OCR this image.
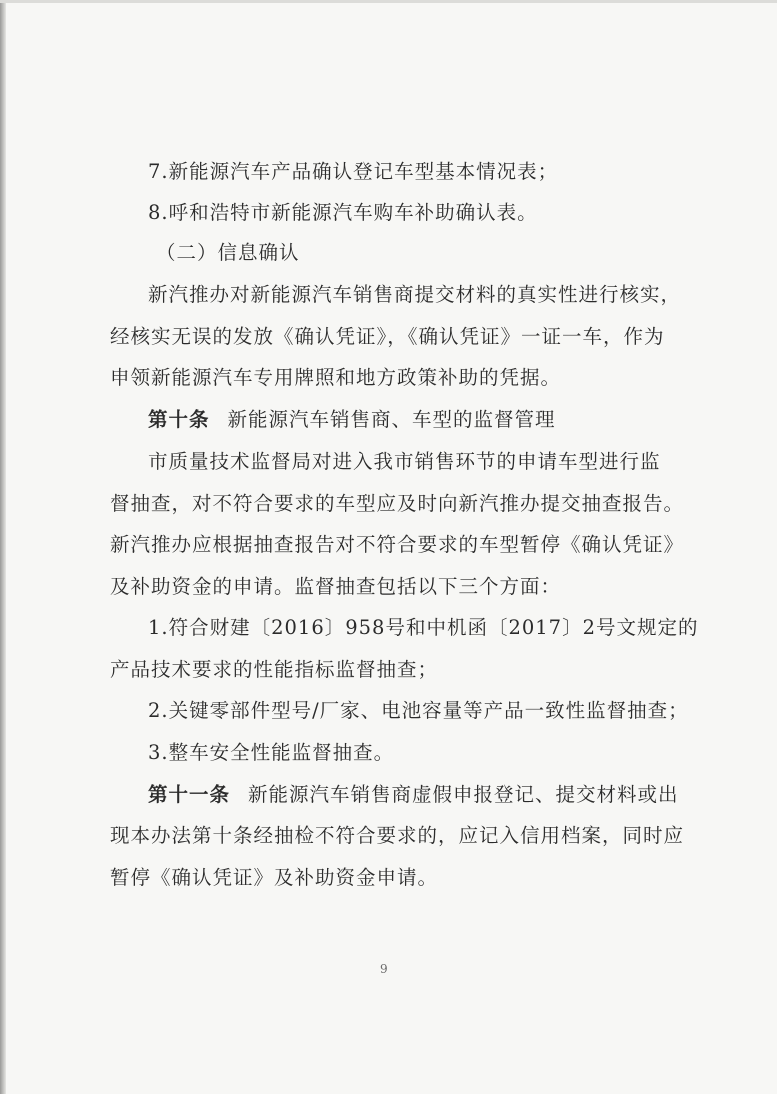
7.新能源汽车产品确认登记车型基本情况表；
8.呼和浩特市新能源汽车购车补助确认表。
（二）信息确认
新汽推办对新能源汽车销售商提交材料的真实性进行核实，
经核实无误的发放《确认凭证》，《确认凭证》一证一车，作为
申领新能源汽车专用牌照和地方政策补助的凭据。
第十条 新能源汽车销售商、车型的监督管理
市质量技术监督局对进入我市销售环节的申请车型进行监
督抽查，对不符合要求的车型应及时向新汽推办提交抽查报告。
新汽推办应根据抽查报告对不符合要求的车型暂停《确认凭证》
及补助资金的申请。监督抽查包括以下三个方面：
1.符合财建〔2016〕958号和中机函〔2017〕2号文规定的
产品技术要求的性能指标监督抽查；
2.关键零部件型号/厂家、电池容量等产品一致性监督抽查；
3.整车安全性能监督抽查。
第十一条 新能源汽车销售商虚假申报登记、提交材料或出
现本办法第十条经抽检不符合要求的，应记入信用档案，同时应
暂停《确认凭证》及补助资金申请。
9
